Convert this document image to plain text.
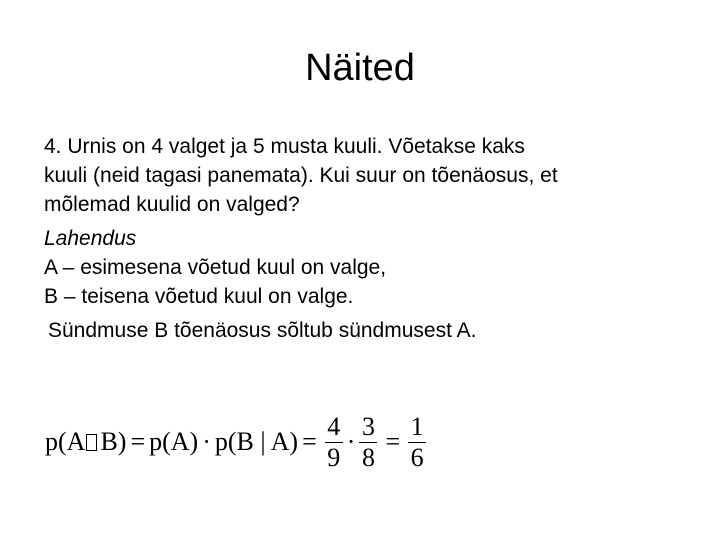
Näited

4. Urnis on 4 valget ja 5 musta kuuli. Võetakse kaks
kuuli (neid tagasi panemata). Kui suur on tõenäosus, et
mõlemad kuulid on valged?

Lahendus

A – esimesena võetud kuul on valge,

B – teisena võetud kuul on valge.

Sündmuse B tõenäosus sõltub sündmusest A.

p(A B) = p(A) · p(B | $A) = \frac{4}{9} \cdot \frac{3}{8} = \frac{1}{6}$
